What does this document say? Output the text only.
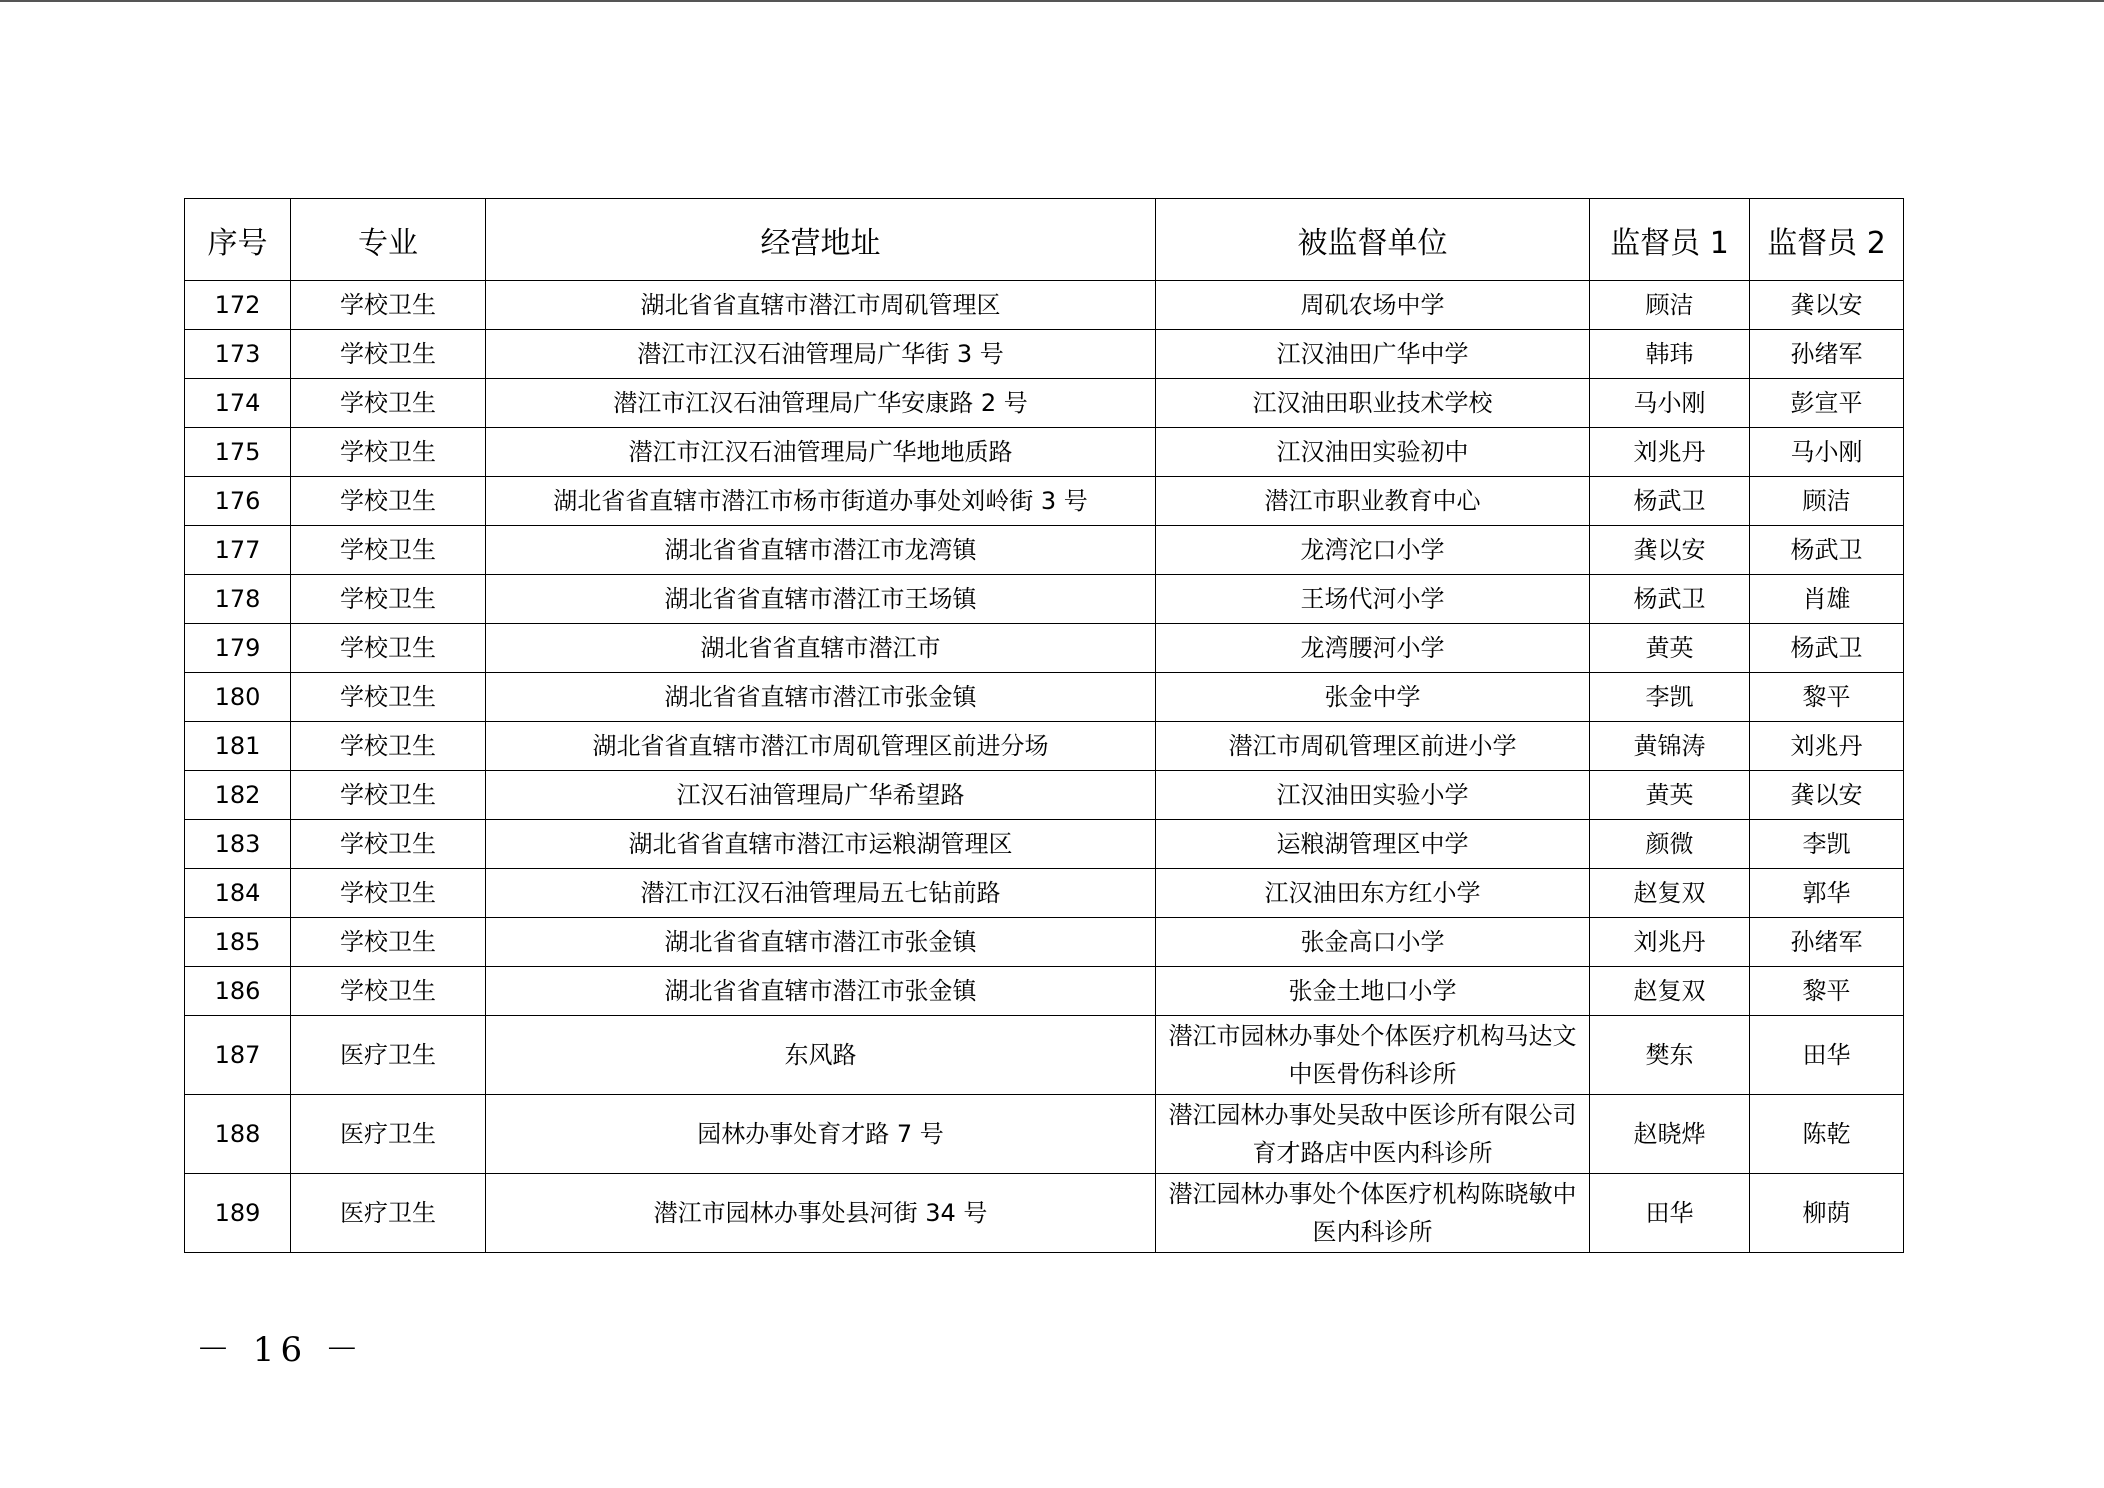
序号	专业	经营地址	被监督单位	监督员 1	监督员 2
172	学校卫生	湖北省省直辖市潜江市周矶管理区	周矶农场中学	顾洁	龚以安
173	学校卫生	潜江市江汉石油管理局广华街 3 号	江汉油田广华中学	韩玮	孙绪军
174	学校卫生	潜江市江汉石油管理局广华安康路 2 号	江汉油田职业技术学校	马小刚	彭宣平
175	学校卫生	潜江市江汉石油管理局广华地地质路	江汉油田实验初中	刘兆丹	马小刚
176	学校卫生	湖北省省直辖市潜江市杨市街道办事处刘岭街 3 号	潜江市职业教育中心	杨武卫	顾洁
177	学校卫生	湖北省省直辖市潜江市龙湾镇	龙湾沱口小学	龚以安	杨武卫
178	学校卫生	湖北省省直辖市潜江市王场镇	王场代河小学	杨武卫	肖雄
179	学校卫生	湖北省省直辖市潜江市	龙湾腰河小学	黄英	杨武卫
180	学校卫生	湖北省省直辖市潜江市张金镇	张金中学	李凯	黎平
181	学校卫生	湖北省省直辖市潜江市周矶管理区前进分场	潜江市周矶管理区前进小学	黄锦涛	刘兆丹
182	学校卫生	江汉石油管理局广华希望路	江汉油田实验小学	黄英	龚以安
183	学校卫生	湖北省省直辖市潜江市运粮湖管理区	运粮湖管理区中学	颜微	李凯
184	学校卫生	潜江市江汉石油管理局五七钻前路	江汉油田东方红小学	赵复双	郭华
185	学校卫生	湖北省省直辖市潜江市张金镇	张金高口小学	刘兆丹	孙绪军
186	学校卫生	湖北省省直辖市潜江市张金镇	张金土地口小学	赵复双	黎平
187	医疗卫生	东风路	潜江市园林办事处个体医疗机构马达文中医骨伤科诊所	樊东	田华
188	医疗卫生	园林办事处育才路 7 号	潜江园林办事处吴敌中医诊所有限公司育才路店中医内科诊所	赵晓烨	陈乾
189	医疗卫生	潜江市园林办事处县河街 34 号	潜江园林办事处个体医疗机构陈晓敏中医内科诊所	田华	柳荫
－ 16 －
